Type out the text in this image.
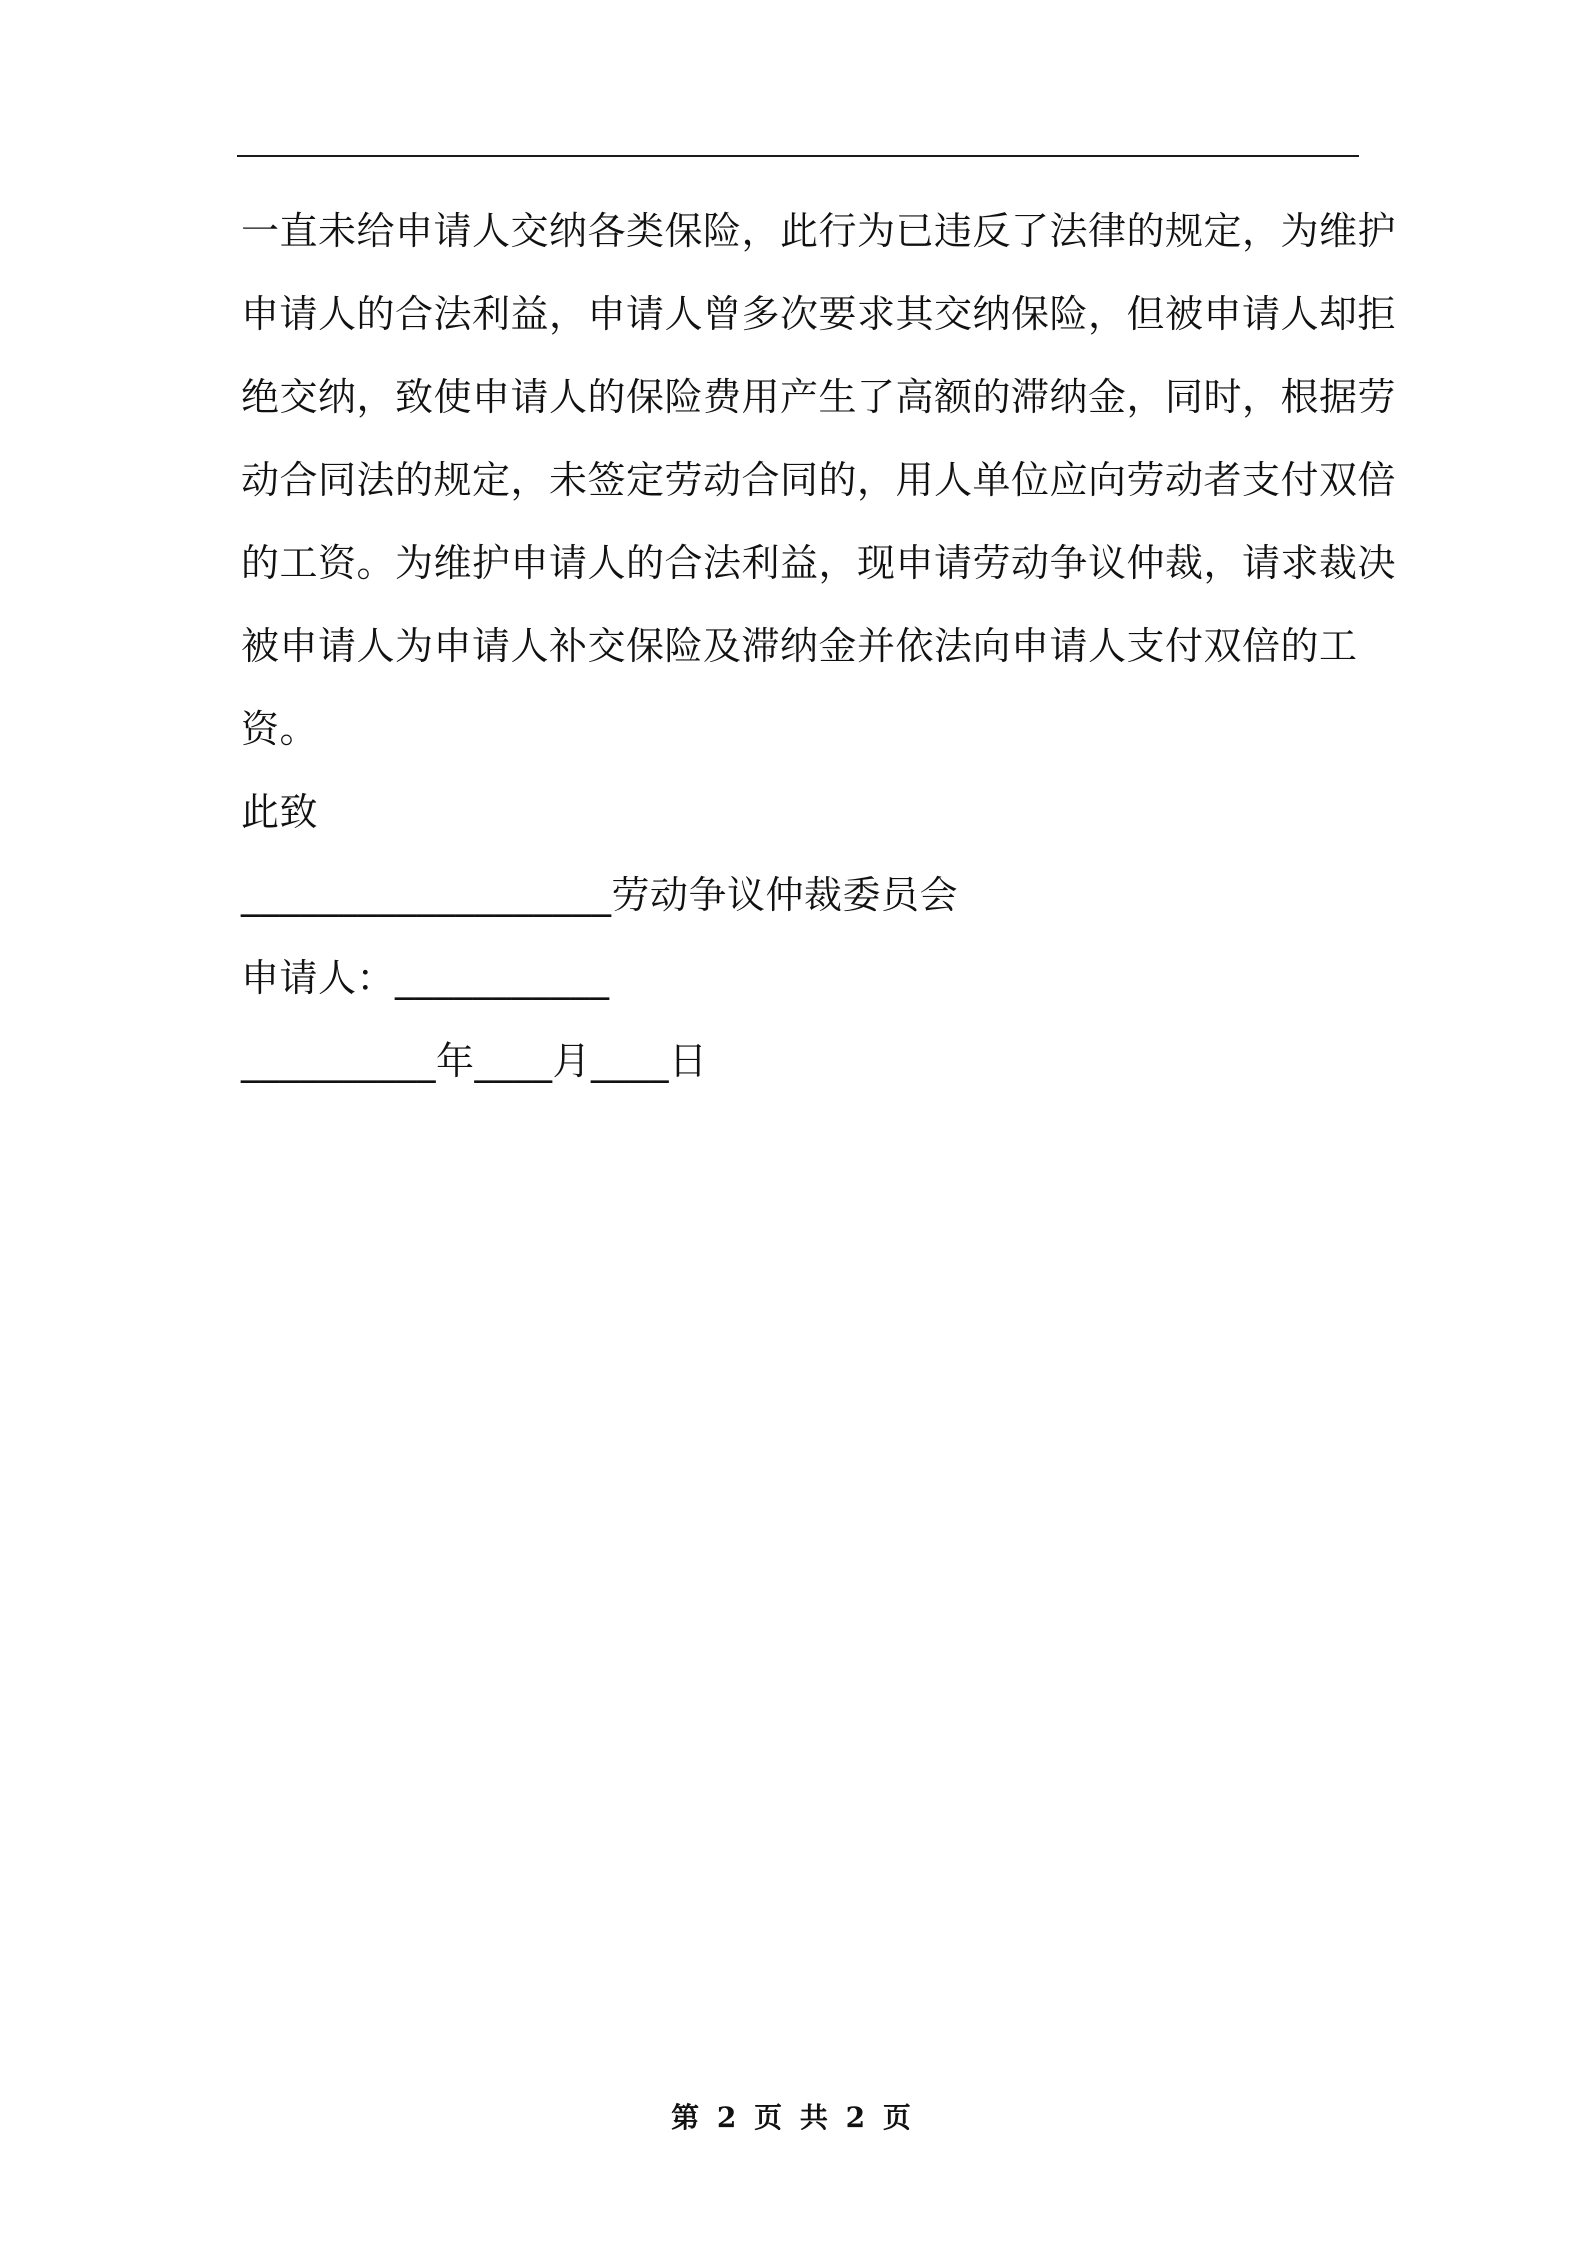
一直未给申请人交纳各类保险，此行为已违反了法律的规定，为维护
申请人的合法利益，申请人曾多次要求其交纳保险，但被申请人却拒
绝交纳，致使申请人的保险费用产生了高额的滞纳金，同时，根据劳
动合同法的规定，未签定劳动合同的，用人单位应向劳动者支付双倍
的工资。为维护申请人的合法利益，现申请劳动争议仲裁，请求裁决
被申请人为申请人补交保险及滞纳金并依法向申请人支付双倍的工
资。
此致
___________________劳动争议仲裁委员会
申请人：___________
__________年____月____日
第 2 页 共 2 页
